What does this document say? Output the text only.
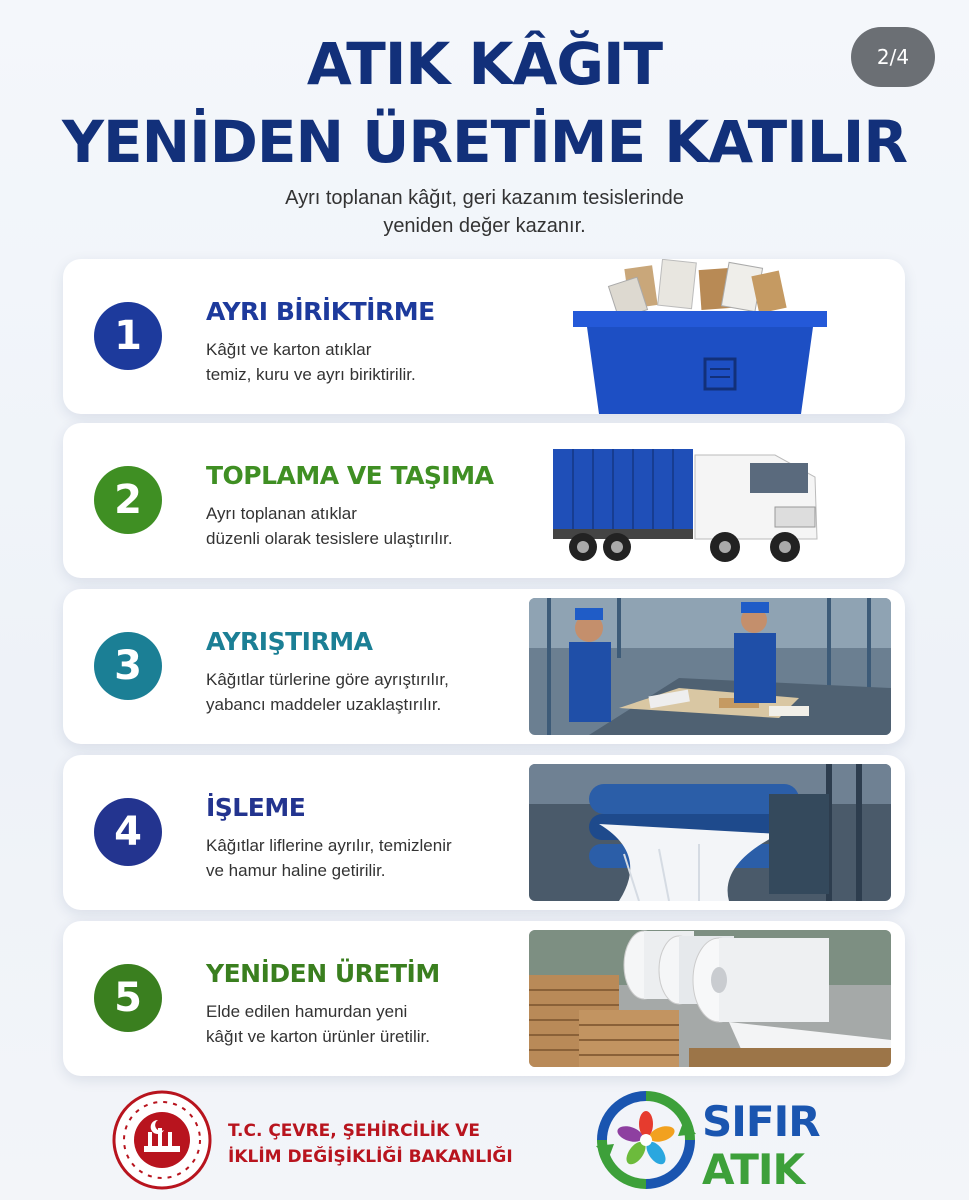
2/4
ATIK KÂĞIT
YENİDEN ÜRETİME KATILIR
Ayrı toplanan kâğıt, geri kazanım tesislerinde
yeniden değer kazanır.
1
AYRI BİRİKTİRME
Kâğıt ve karton atıklar
temiz, kuru ve ayrı biriktirilir.
2
TOPLAMA VE TAŞIMA
Ayrı toplanan atıklar
düzenli olarak tesislere ulaştırılır.
3
AYRIŞTIRMA
Kâğıtlar türlerine göre ayrıştırılır,
yabancı maddeler uzaklaştırılır.
4
İŞLEME
Kâğıtlar liflerine ayrılır, temizlenir
ve hamur haline getirilir.
5
YENİDEN ÜRETİM
Elde edilen hamurdan yeni
kâğıt ve karton ürünler üretilir.
T.C. ÇEVRE, ŞEHİRCİLİK VE
İKLİM DEĞİŞİKLİĞİ BAKANLIĞI
SIFIR
ATIK
